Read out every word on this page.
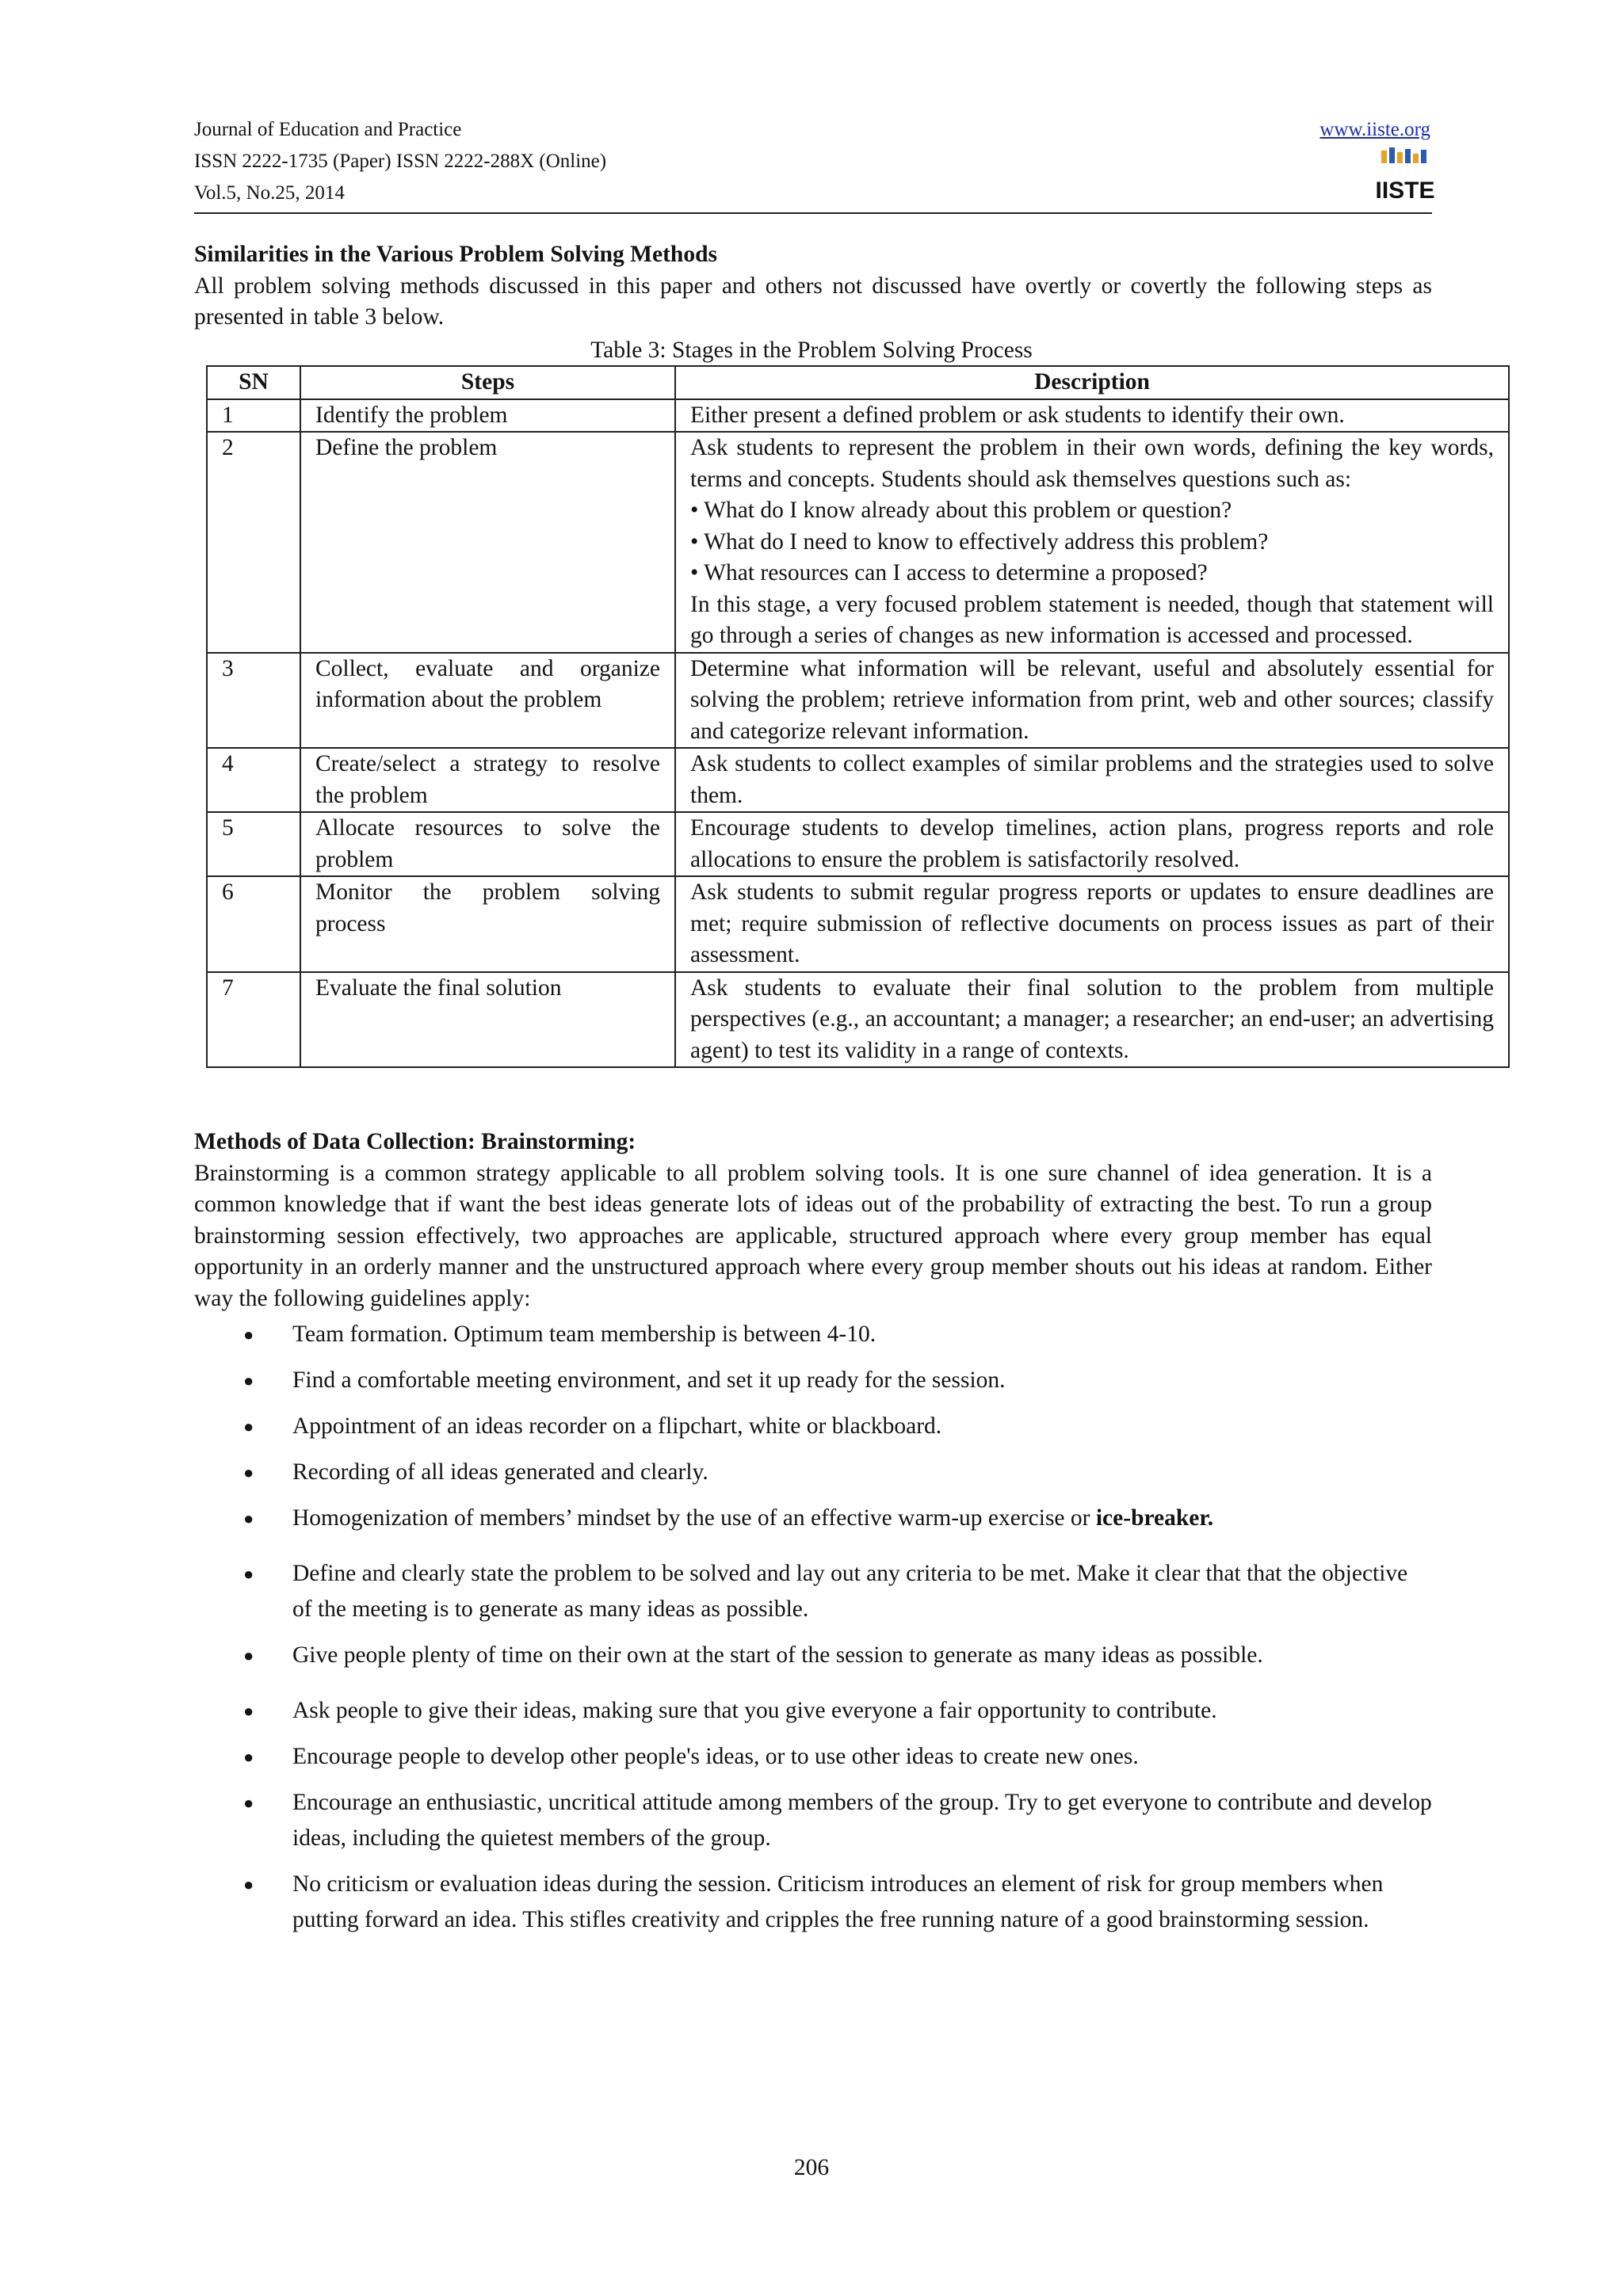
Journal of Education and Practice
ISSN 2222-1735 (Paper) ISSN 2222-288X (Online)
Vol.5, No.25, 2014
www.iiste.org
IISTE
Similarities in the Various Problem Solving Methods
All problem solving methods discussed in this paper and others not discussed have overtly or covertly the following steps as presented in table 3 below.
Table 3: Stages in the Problem Solving Process
SN	Steps	Description
1	Identify the problem	Either present a defined problem or ask students to identify their own.

2	Define the problem	Ask students to represent the problem in their own words, defining the key words, terms and concepts. Students should ask themselves questions such as:
• What do I know already about this problem or question?
• What do I need to know to effectively address this problem?
• What resources can I access to determine a proposed?
In this stage, a very focused problem statement is needed, though that statement will go through a series of changes as new information is accessed and processed.

3	Collect, evaluate and organize information about the problem	Determine what information will be relevant, useful and absolutely essential for solving the problem; retrieve information from print, web and other sources; classify and categorize relevant information.

4	Create/select a strategy to resolve the problem	Ask students to collect examples of similar problems and the strategies used to solve them.

5	Allocate resources to solve the problem	Encourage students to develop timelines, action plans, progress reports and role allocations to ensure the problem is satisfactorily resolved.

6	Monitor the problem solving process	Ask students to submit regular progress reports or updates to ensure deadlines are met; require submission of reflective documents on process issues as part of their assessment.

7	Evaluate the final solution	Ask students to evaluate their final solution to the problem from multiple perspectives (e.g., an accountant; a manager; a researcher; an end-user; an advertising agent) to test its validity in a range of contexts.
Methods of Data Collection: Brainstorming:
Brainstorming is a common strategy applicable to all problem solving tools. It is one sure channel of idea generation. It is a common knowledge that if want the best ideas generate lots of ideas out of the probability of extracting the best. To run a group brainstorming session effectively, two approaches are applicable, structured approach where every group member has equal opportunity in an orderly manner and the unstructured approach where every group member shouts out his ideas at random. Either way the following guidelines apply:
● Team formation. Optimum team membership is between 4-10.
● Find a comfortable meeting environment, and set it up ready for the session.
● Appointment of an ideas recorder on a flipchart, white or blackboard.
● Recording of all ideas generated and clearly.
● Homogenization of members’ mindset by the use of an effective warm-up exercise or ice-breaker.
● Define and clearly state the problem to be solved and lay out any criteria to be met. Make it clear that that the objective of the meeting is to generate as many ideas as possible.
● Give people plenty of time on their own at the start of the session to generate as many ideas as possible.
● Ask people to give their ideas, making sure that you give everyone a fair opportunity to contribute.
● Encourage people to develop other people's ideas, or to use other ideas to create new ones.
● Encourage an enthusiastic, uncritical attitude among members of the group. Try to get everyone to contribute and develop ideas, including the quietest members of the group.
● No criticism or evaluation ideas during the session. Criticism introduces an element of risk for group members when putting forward an idea. This stifles creativity and cripples the free running nature of a good brainstorming session.
206
